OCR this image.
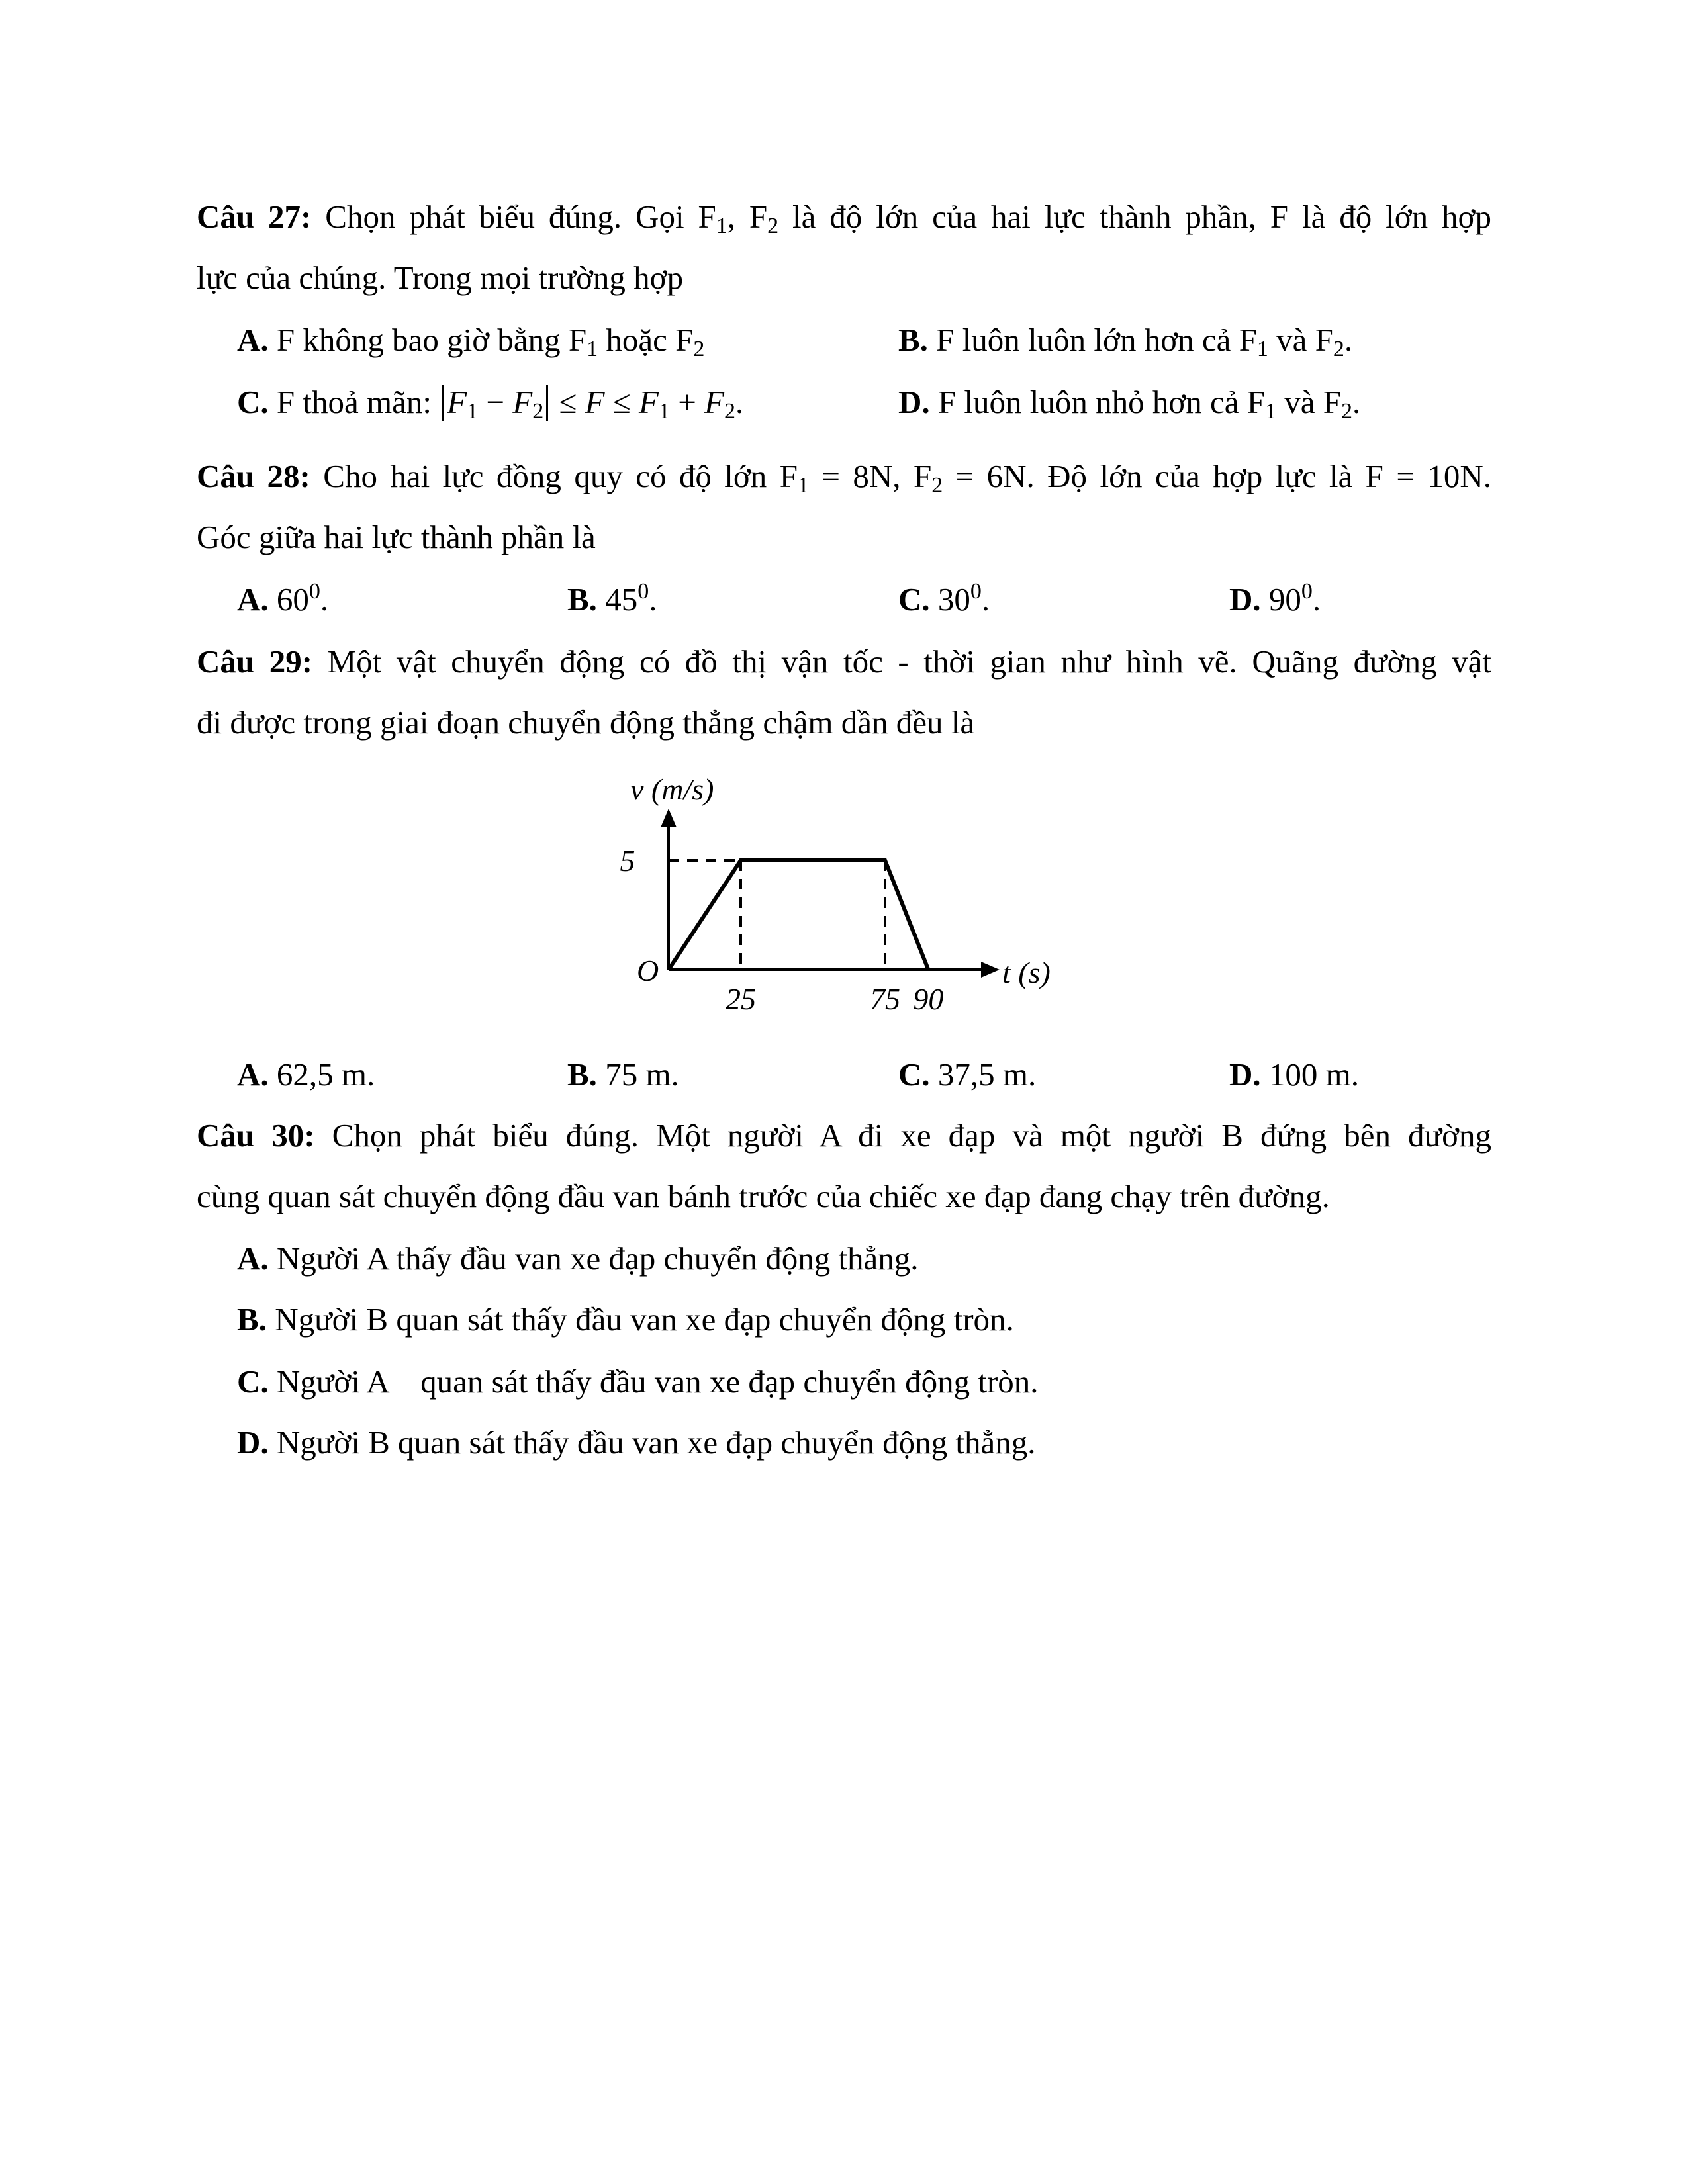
Câu 27: Chọn phát biểu đúng. Gọi $F_1$, $F_2$ là độ lớn của hai lực thành phần, F là độ lớn hợp
lực của chúng. Trong mọi trường hợp
A. F không bao giờ bằng $F_1$ hoặc $F_2$	B. F luôn luôn lớn hơn cả $F_1$ và $F_2$.
C. F thoả mãn: $F_1 - F_2 \le F \le F_1 + F_2$.	D. F luôn luôn nhỏ hơn cả $F_1$ và $F_2$.
Câu 28: Cho hai lực đồng quy có độ lớn $F_1 = 8N$, $F_2 = 6N$. Độ lớn của hợp lực là F = 10N.
Góc giữa hai lực thành phần là
A. $60^0$.	B. $45^0$.	C. $30^0$.	D. $90^0$.
Câu 29: Một vật chuyển động có đồ thị vận tốc - thời gian như hình vẽ. Quãng đường vật
đi được trong giai đoạn chuyển động thẳng chậm dần đều là
v (m/s)
t (s)
O
25	75 90
5
A. 62,5 m.	B. 75 m.	C. 37,5 m.	D. 100 m.
Câu 30: Chọn phát biểu đúng. Một người A đi xe đạp và một người B đứng bên đường
cùng quan sát chuyển động đầu van bánh trước của chiếc xe đạp đang chạy trên đường.
A. Người A thấy đầu van xe đạp chuyển động thẳng.
B. Người B quan sát thấy đầu van xe đạp chuyển động tròn.
C. Người A    quan sát thấy đầu van xe đạp chuyển động tròn.
D. Người B quan sát thấy đầu van xe đạp chuyển động thẳng.
